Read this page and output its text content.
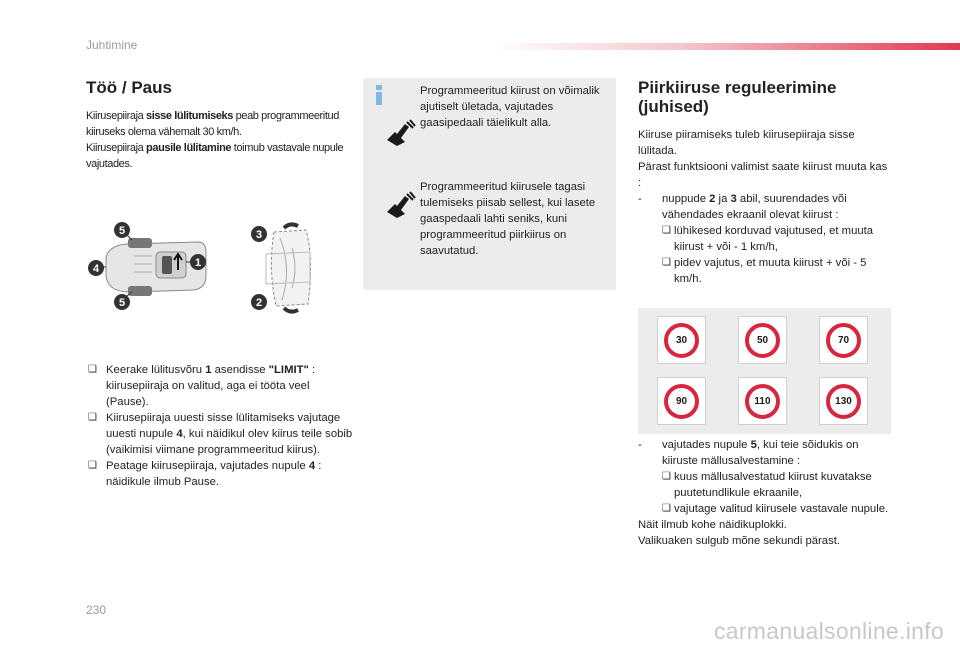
Juhtimine
Töö / Paus
Kiirusepiiraja sisse lülitumiseks peab programmeeritud kiiruseks olema vähemalt 30 km/h.
Kiirusepiiraja pausile lülitamine toimub vastavale nupule vajutades.
5
4	1
5
3
2
❏ Keerake lülitusvõru 1 asendisse "LIMIT" : kiirusepiiraja on valitud, aga ei tööta veel (Pause).
❏ Kiirusepiiraja uuesti sisse lülitamiseks vajutage uuesti nupule 4, kui näidikul olev kiirus teile sobib (vaikimisi viimane programmeeritud kiirus).
❏ Peatage kiirusepiiraja, vajutades nupule 4 : näidikule ilmub Pause.
Programmeeritud kiirust on võimalik ajutiselt ületada, vajutades gaasipedaali täielikult alla.
Programmeeritud kiirusele tagasi tulemiseks piisab sellest, kui lasete gaaspedaali lahti seniks, kuni programmeeritud piirkiirus on saavutatud.
Piirkiiruse reguleerimine (juhised)

Kiiruse piiramiseks tuleb kiirusepiiraja sisse lülitada.

Pärast funktsiooni valimist saate kiirust muuta kas :

- nuppude 2 ja 3 abil, suurendades või vähendades ekraanil olevat kiirust :
❏ lühikesed korduvad vajutused, et muuta kiirust + või - 1 km/h,
❏ pidev vajutus, et muuta kiirust + või - 5 km/h.
30	50	70
90	110	130
- vajutades nupule 5, kui teie sõidukis on kiiruste mällusalvestamine :
❏ kuus mällusalvestatud kiirust kuvatakse puutetundlikule ekraanile,
❏ vajutage valitud kiirusele vastavale nupule.

Näit ilmub kohe näidikuplokki.

Valikuaken sulgub mõne sekundi pärast.

230
carmanualsonline.info
